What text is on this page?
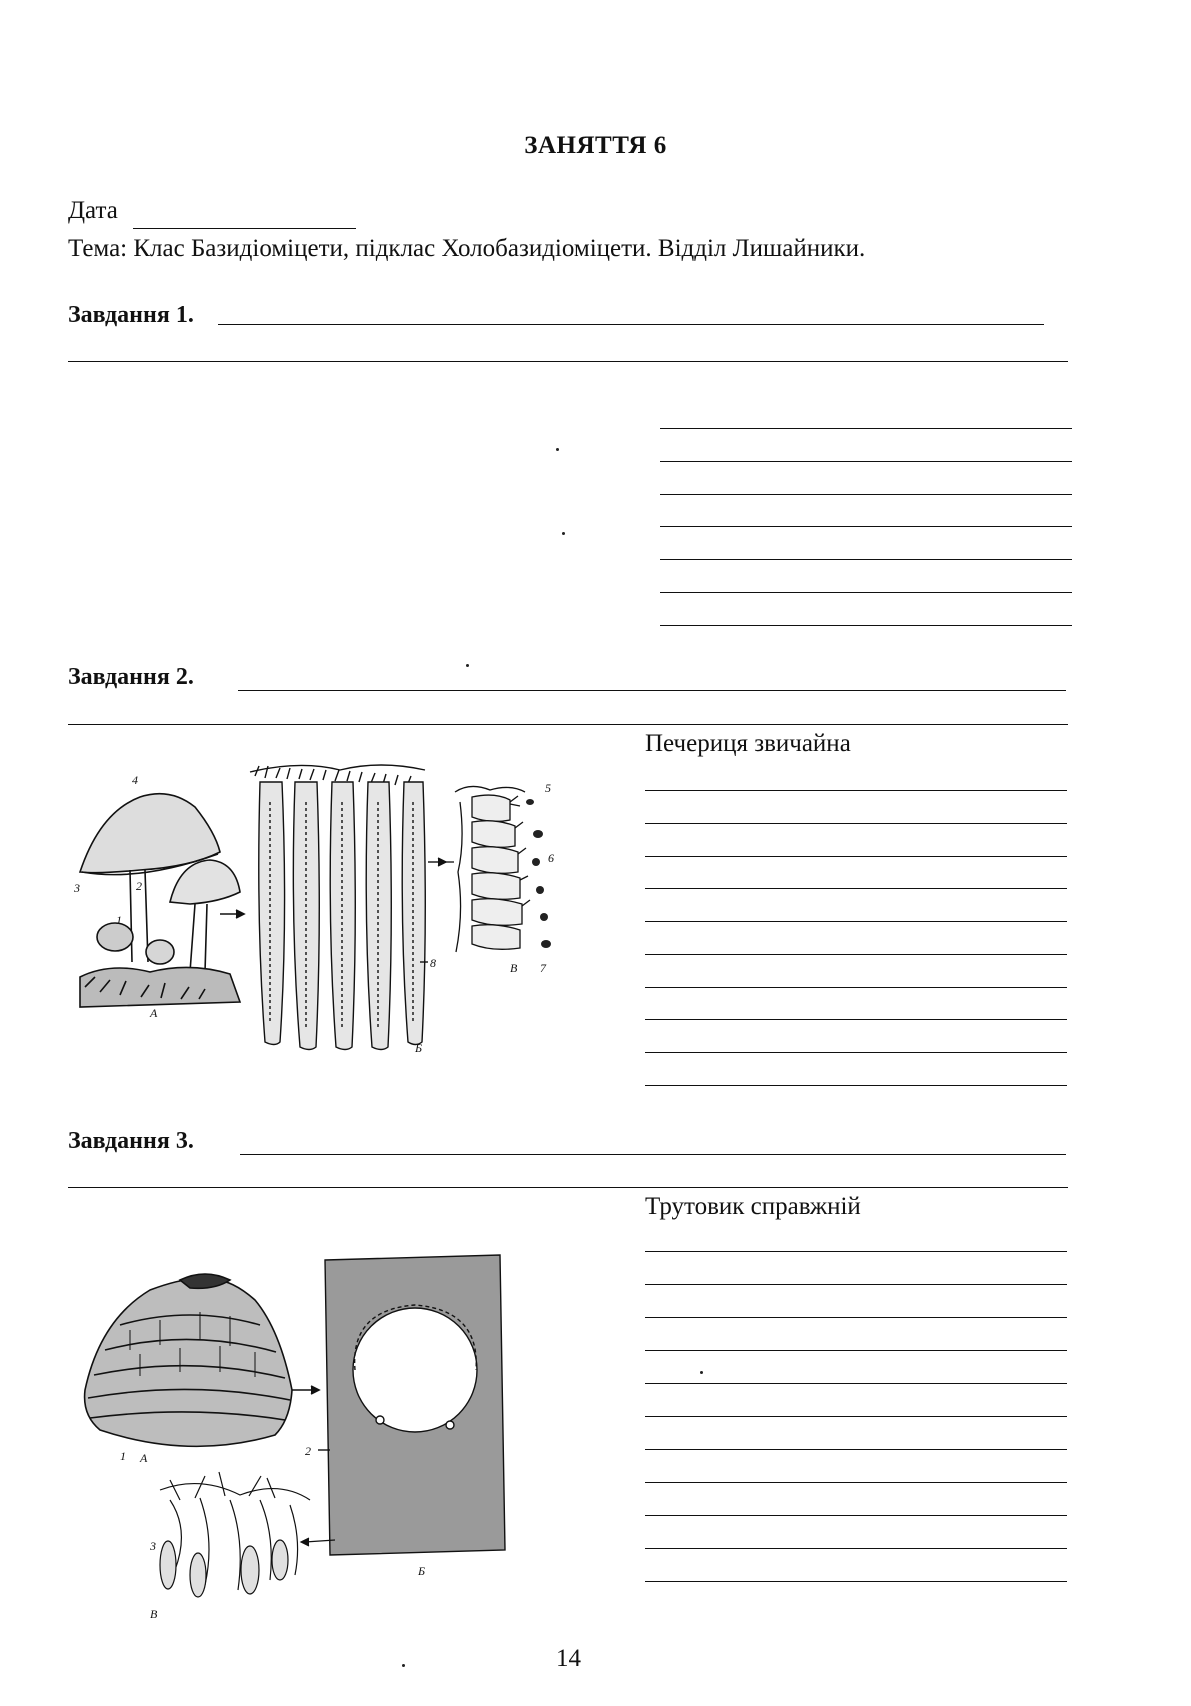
ЗАНЯТТЯ 6
Дата
Тема: Клас Базидіоміцети, підклас Холобазидіоміцети. Відділ Лишайники.
Завдання 1.
Завдання 2.
Печериця звичайна
4
3	2
1
А
8
Б
5
6
В 7
Завдання 3.
Трутовик справжній
1 А	2
Б
3
В
14
